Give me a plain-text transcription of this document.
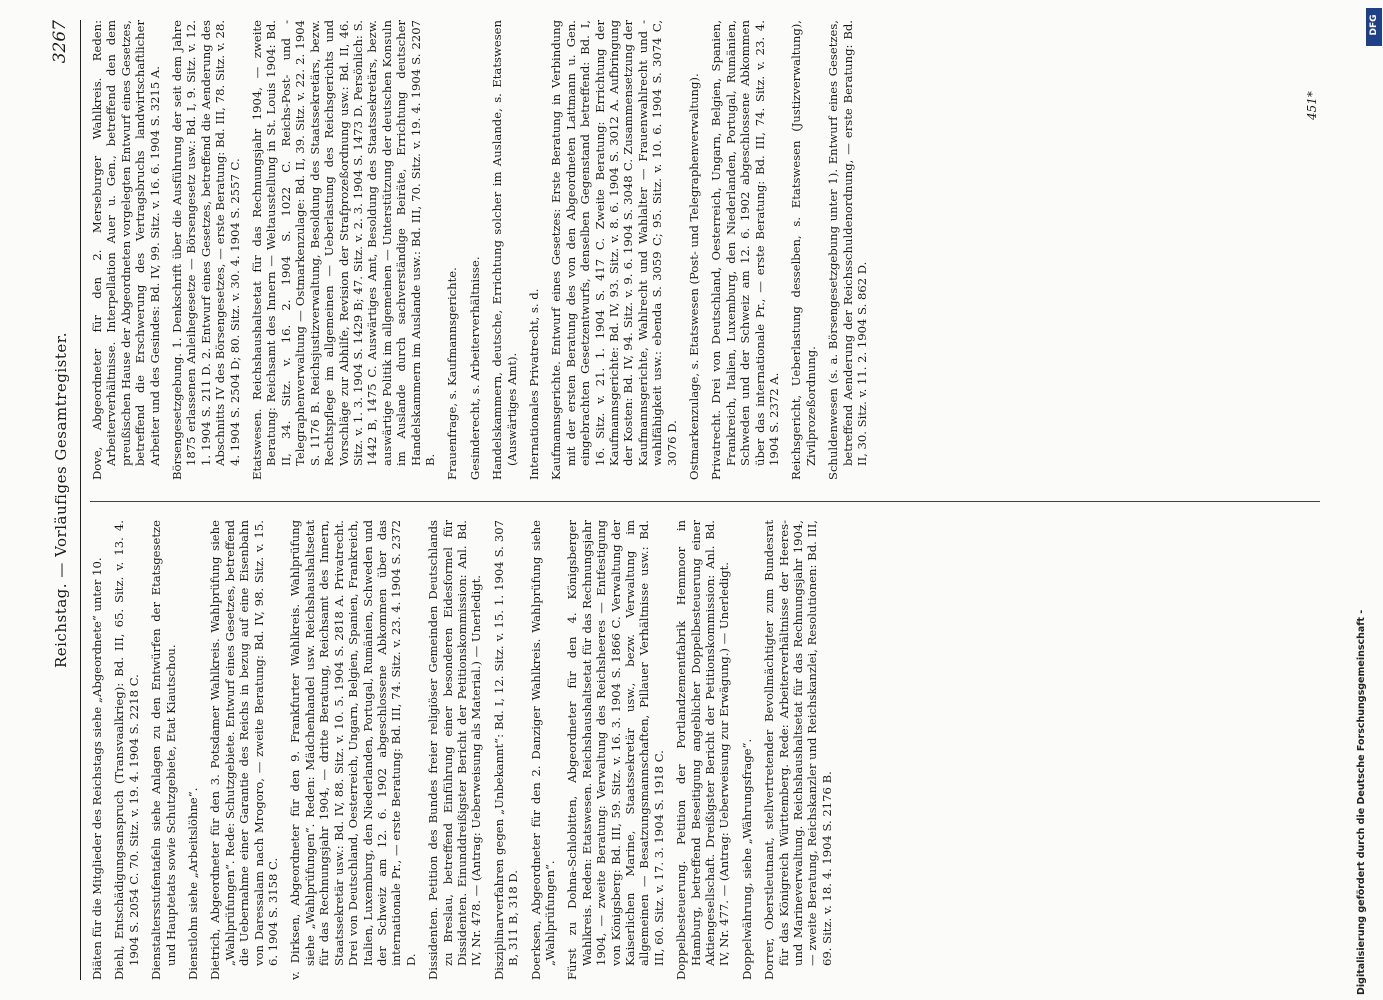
Reichstag. — Vorläufiges Gesamtregister.
3267

Diäten für die Mitglieder des Reichstags siehe „Abgeordnete“ unter 10. Diehl, Entschädigungsanspruch (Transvaalkrieg): Bd. III, 65. Sitz. v. 13. 4. 1904 S. 2054 C. 70. Sitz. v. 19. 4. 1904 S. 2218 C. Dienstaltersstufentafeln siehe Anlagen zu den Entwürfen der Etatsgesetze und Hauptetats sowie Schutzgebiete, Etat Kiautschou. Dienstlohn siehe „Arbeitslöhne“. Dietrich, Abgeordneter für den 3. Potsdamer Wahlkreis. Wahlprüfung siehe „Wahlprüfungen“. Rede: Schutzgebiete. Entwurf eines Gesetzes, betreffend die Uebernahme einer Garantie des Reichs in bezug auf eine Eisenbahn von Daressalam nach Mrogoro, — zweite Beratung: Bd. IV, 98. Sitz. v. 15. 6. 1904 S. 3158 C. v. Dirksen, Abgeordneter für den 9. Frankfurter Wahlkreis. Wahlprüfung siehe „Wahlprüfungen“. Reden: Mädchenhandel usw. Reichshaushaltsetat für das Rechnungsjahr 1904, — dritte Beratung, Reichsamt des Innern, Staatssekretär usw.: Bd. IV, 88. Sitz. v. 10. 5. 1904 S. 2818 A. Privatrecht. Drei von Deutschland, Oesterreich, Ungarn, Belgien, Spanien, Frankreich, Italien, Luxemburg, den Niederlanden, Portugal, Rumänien, Schweden und der Schweiz am 12. 6. 1902 abgeschlossene Abkommen über das internationale Pr., — erste Beratung: Bd. III, 74. Sitz. v. 23. 4. 1904 S. 2372 D. Dissidenten. Petition des Bundes freier religiöser Gemeinden Deutschlands zu Breslau, betreffend Einführung einer besonderen Eidesformel für Dissidenten. Einunddreißigster Bericht der Petitionskommission: Anl. Bd. IV, Nr. 478. — (Antrag: Ueberweisung als Material.) — Unerledigt. Disziplinarverfahren gegen „Unbekannt“: Bd. I, 12. Sitz. v. 15. 1. 1904 S. 307 B, 311 B, 318 D. Doerksen, Abgeordneter für den 2. Danziger Wahlkreis. Wahlprüfung siehe „Wahlprüfungen“. Fürst zu Dohna-Schlobitten, Abgeordneter für den 4. Königsberger Wahlkreis. Reden: Etatswesen. Reichshaushaltsetat für das Rechnungsjahr 1904, — zweite Beratung: Verwaltung des Reichsheeres — Entfestigung von Königsberg: Bd. III, 59. Sitz. v. 16. 3. 1904 S. 1866 C. Verwaltung der Kaiserlichen Marine, Staatssekretär usw., bezw. Verwaltung im allgemeinen — Besatzungsmannschaften, Pillauer Verhältnisse usw.: Bd. III, 60. Sitz. v. 17. 3. 1904 S. 1918 C. Doppelbesteuerung. Petition der Portlandzementfabrik Hemmoor in Hamburg, betreffend Beseitigung angeblicher Doppelbesteuerung einer Aktiengesellschaft. Dreißigster Bericht der Petitionskommission: Anl. Bd. IV, Nr. 477. — (Antrag: Ueberweisung zur Erwägung.) — Unerledigt. Doppelwährung, siehe „Währungsfrage“. Dorrer, Oberstleutnant, stellvertretender Bevollmächtigter zum Bundesrat für das Königreich Württemberg. Rede: Arbeiterverhältnisse der Heeres- und Marineverwaltung. Reichshaushaltsetat für das Rechnungsjahr 1904, — zweite Beratung, Reichskanzler und Reichskanzlei, Resolutionen: Bd. III, 69. Sitz. v. 18. 4. 1904 S. 2176 B.

Dove, Abgeordneter für den 2. Merseburger Wahlkreis. Reden: Arbeiterverhältnisse. Interpellation Auer u. Gen., betreffend den dem preußischen Hause der Abgeordneten vorgelegten Entwurf eines Gesetzes, betreffend die Erschwerung des Vertragsbruchs landwirtschaftlicher Arbeiter und des Gesindes: Bd. IV, 99. Sitz. v. 16. 6. 1904 S. 3215 A. Börsengesetzgebung. 1. Denkschrift über die Ausführung der seit dem Jahre 1875 erlassenen Anleihegesetze — Börsengesetz usw.: Bd. I, 9. Sitz. v. 12. 1. 1904 S. 211 D. 2. Entwurf eines Gesetzes, betreffend die Aenderung des Abschnitts IV des Börsengesetzes, — erste Beratung: Bd. III, 78. Sitz. v. 28. 4. 1904 S. 2504 D; 80. Sitz. v. 30. 4. 1904 S. 2557 C. Etatswesen. Reichshaushaltsetat für das Rechnungsjahr 1904, — zweite Beratung: Reichsamt des Innern — Weltausstellung in St. Louis 1904: Bd. II, 34. Sitz. v. 16. 2. 1904 S. 1022 C. Reichs-Post- und -Telegraphenverwaltung — Ostmarkenzulage: Bd. II, 39. Sitz. v. 22. 2. 1904 S. 1176 B. Reichsjustizverwaltung, Besoldung des Staatssekretärs, bezw. Rechtspflege im allgemeinen — Ueberlastung des Reichsgerichts und Vorschläge zur Abhilfe, Revision der Strafprozeßordnung usw.: Bd. II, 46. Sitz. v. 1. 3. 1904 S. 1429 B; 47. Sitz. v. 2. 3. 1904 S. 1473 D. Persönlich: S. 1442 B, 1475 C. Auswärtiges Amt, Besoldung des Staatssekretärs, bezw. auswärtige Politik im allgemeinen — Unterstützung der deutschen Konsuln im Auslande durch sachverständige Beiräte, Errichtung deutscher Handelskammern im Auslande usw.: Bd. III, 70. Sitz. v. 19. 4. 1904 S. 2207 B. Frauenfrage, s. Kaufmannsgerichte. Gesinderecht, s. Arbeiterverhältnisse. Handelskammern, deutsche, Errichtung solcher im Auslande, s. Etatswesen (Auswärtiges Amt). Internationales Privatrecht, s. d. Kaufmannsgerichte. Entwurf eines Gesetzes: Erste Beratung in Verbindung mit der ersten Beratung des von den Abgeordneten Lattmann u. Gen. eingebrachten Gesetzentwurfs, denselben Gegenstand betreffend: Bd. I, 16. Sitz. v. 21. 1. 1904 S. 417 C. Zweite Beratung: Errichtung der Kaufmannsgerichte: Bd. IV, 93. Sitz. v. 8. 6. 1904 S. 3012 A. Aufbringung der Kosten: Bd. IV, 94. Sitz. v. 9. 6. 1904 S. 3048 C. Zusammensetzung der Kaufmannsgerichte, Wahlrecht und Wahlalter — Frauenwahlrecht und -wahlfähigkeit usw.: ebenda S. 3059 C; 95. Sitz. v. 10. 6. 1904 S. 3074 C, 3076 D. Ostmarkenzulage, s. Etatswesen (Post- und Telegraphenverwaltung). Privatrecht. Drei von Deutschland, Oesterreich, Ungarn, Belgien, Spanien, Frankreich, Italien, Luxemburg, den Niederlanden, Portugal, Rumänien, Schweden und der Schweiz am 12. 6. 1902 abgeschlossene Abkommen über das internationale Pr., — erste Beratung: Bd. III, 74. Sitz. v. 23. 4. 1904 S. 2372 A. Reichsgericht, Ueberlastung desselben, s. Etatswesen (Justizverwaltung), Zivilprozeßordnung. Schuldenwesen (s. a. Börsengesetzgebung unter 1). Entwurf eines Gesetzes, betreffend Aenderung der Reichsschuldenordnung, — erste Beratung: Bd. II, 30. Sitz. v. 11. 2. 1904 S. 862 D.

451*
Digitalisierung gefördert durch die Deutsche Forschungsgemeinschaft -
DFG
